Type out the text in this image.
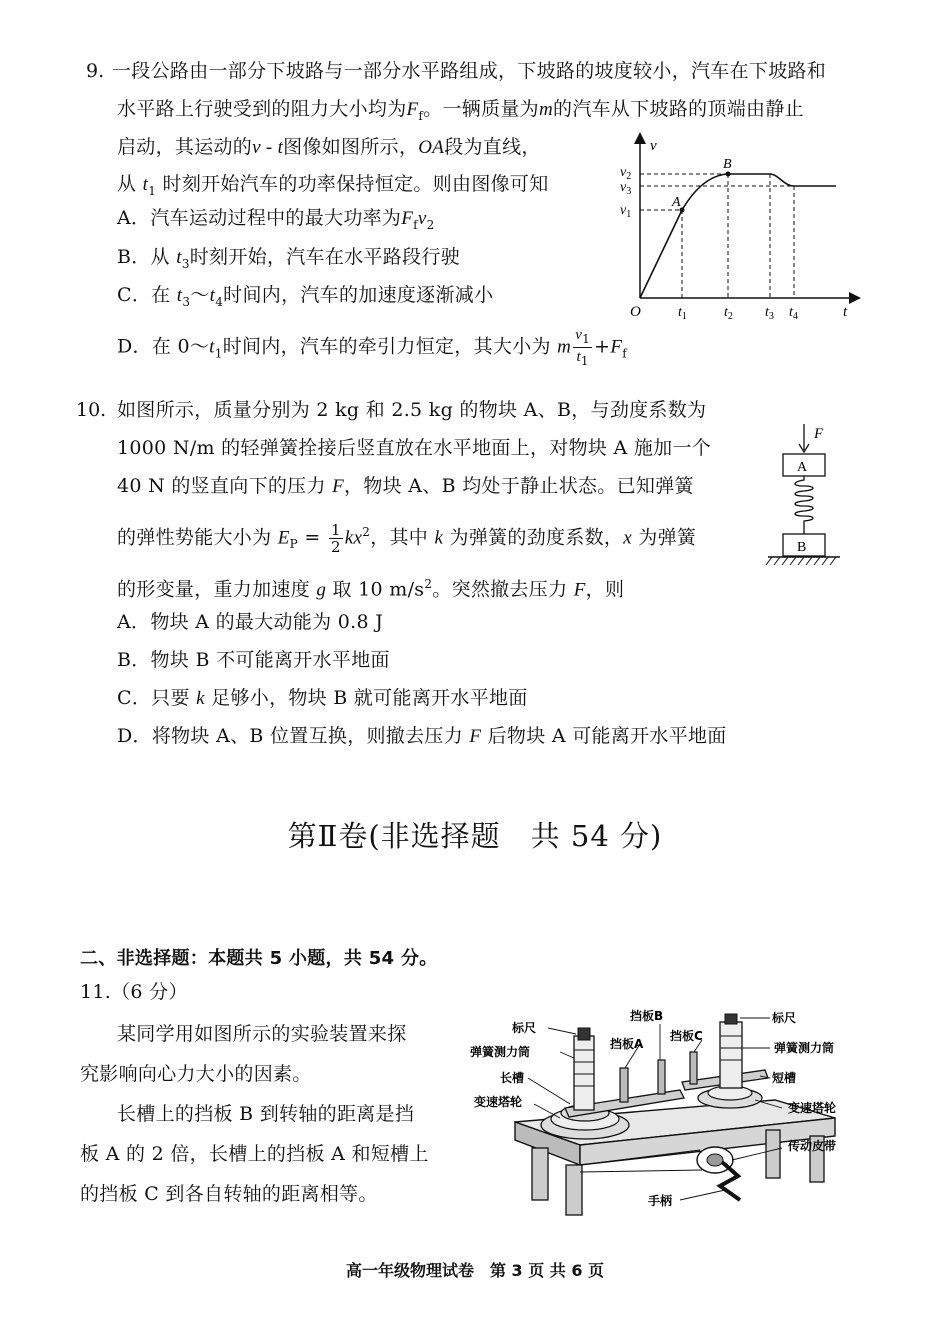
9. 一段公路由一部分下坡路与一部分水平路组成，下坡路的坡度较小，汽车在下坡路和
水平路上行驶受到的阻力大小均为$F_f$。一辆质量为m的汽车从下坡路的顶端由静止
启动，其运动的v - t图像如图所示，OA段为直线，
从 $t_1$ 时刻开始汽车的功率保持恒定。则由图像可知
A．汽车运动过程中的最大功率为$F_fv_2$
B．从 $t_3$时刻开始，汽车在水平路段行驶
C．在 $t_3\sim t_4$时间内，汽车的加速度逐渐减小
D．在 $0\sim t_1$时间内，汽车的牵引力恒定，其大小为 m $\frac{v_1}{t_1} +F_f$
v
t
O
$v_2$
$v_3$
$v_1$
A
B
$t_1$	$t_2$ $t_3$ $t_4$
10. 如图所示，质量分别为 2 kg 和 2.5 kg 的物块 A、B，与劲度系数为
1000 N/m 的轻弹簧拴接后竖直放在水平地面上，对物块 A 施加一个
40 N 的竖直向下的压力 F，物块 A、B 均处于静止状态。已知弹簧
的弹性势能大小为 $E_P = \frac{1}{2} kx^2$，其中 k 为弹簧的劲度系数，x 为弹簧
的形变量，重力加速度 g 取 10 $m/s^2$。突然撤去压力 F，则
A．物块 A 的最大动能为 0.8 J
B．物块 B 不可能离开水平地面
C．只要 k 足够小，物块 B 就可能离开水平地面
D．将物块 A、B 位置互换，则撤去压力 F 后物块 A 可能离开水平地面
F
A
B
第Ⅱ卷(非选择题　共 54 分)
二、非选择题：本题共 5 小题，共 54 分。
11.（6 分）
某同学用如图所示的实验装置来探
究影响向心力大小的因素。
长槽上的挡板 B 到转轴的距离是挡
板 A 的 2 倍，长槽上的挡板 A 和短槽上
的挡板 C 到各自转轴的距离相等。
标尺
挡板B
挡板C
标尺
弹簧测力筒
挡板A	弹簧测力筒
长槽	短槽
变速塔轮	变速塔轮
传动皮带
手柄
高一年级物理试卷　第 3 页 共 6 页
